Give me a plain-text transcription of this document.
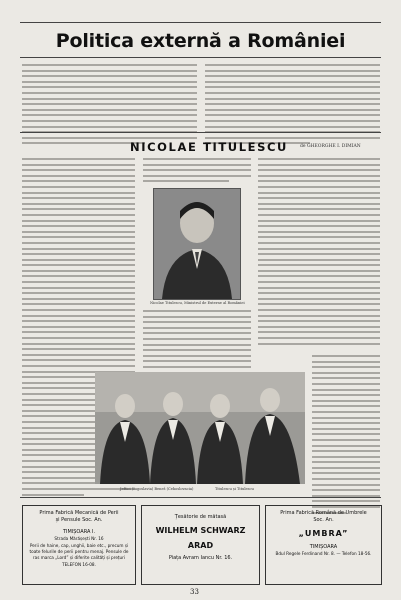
Politica externă a României
NICOLAE TITULESCU	de GHEORGHE I. DIMIAN
Nicolae Titulescu, Ministrul de Externe al României
Jeftici (Iugoslavia) Beneš (Cehoslovacia)	Titulescu și Titulescu
Prima Fabrică Mecanică de Perii
și Pensule Soc. An.
TIMIȘOARA I.
Strada Mărășești Nr. 16
Perii de haine, cap, unghii, baie etc., precum și toate felurile de perii pentru menaj. Pensule de ras marca „Lord” și diferite calități și prețuri
TELEFON 16-08.
Țesătorie de mătasă
WILHELM SCHWARZ
ARAD
Piața Avram Iancu Nr. 16.
Prima Fabrică Română de Umbrele
Soc. An.
„UMBRA”
TIMIȘOARA
Bdul Regele Ferdinand Nr. 8. — Telefon 18-56.
33
